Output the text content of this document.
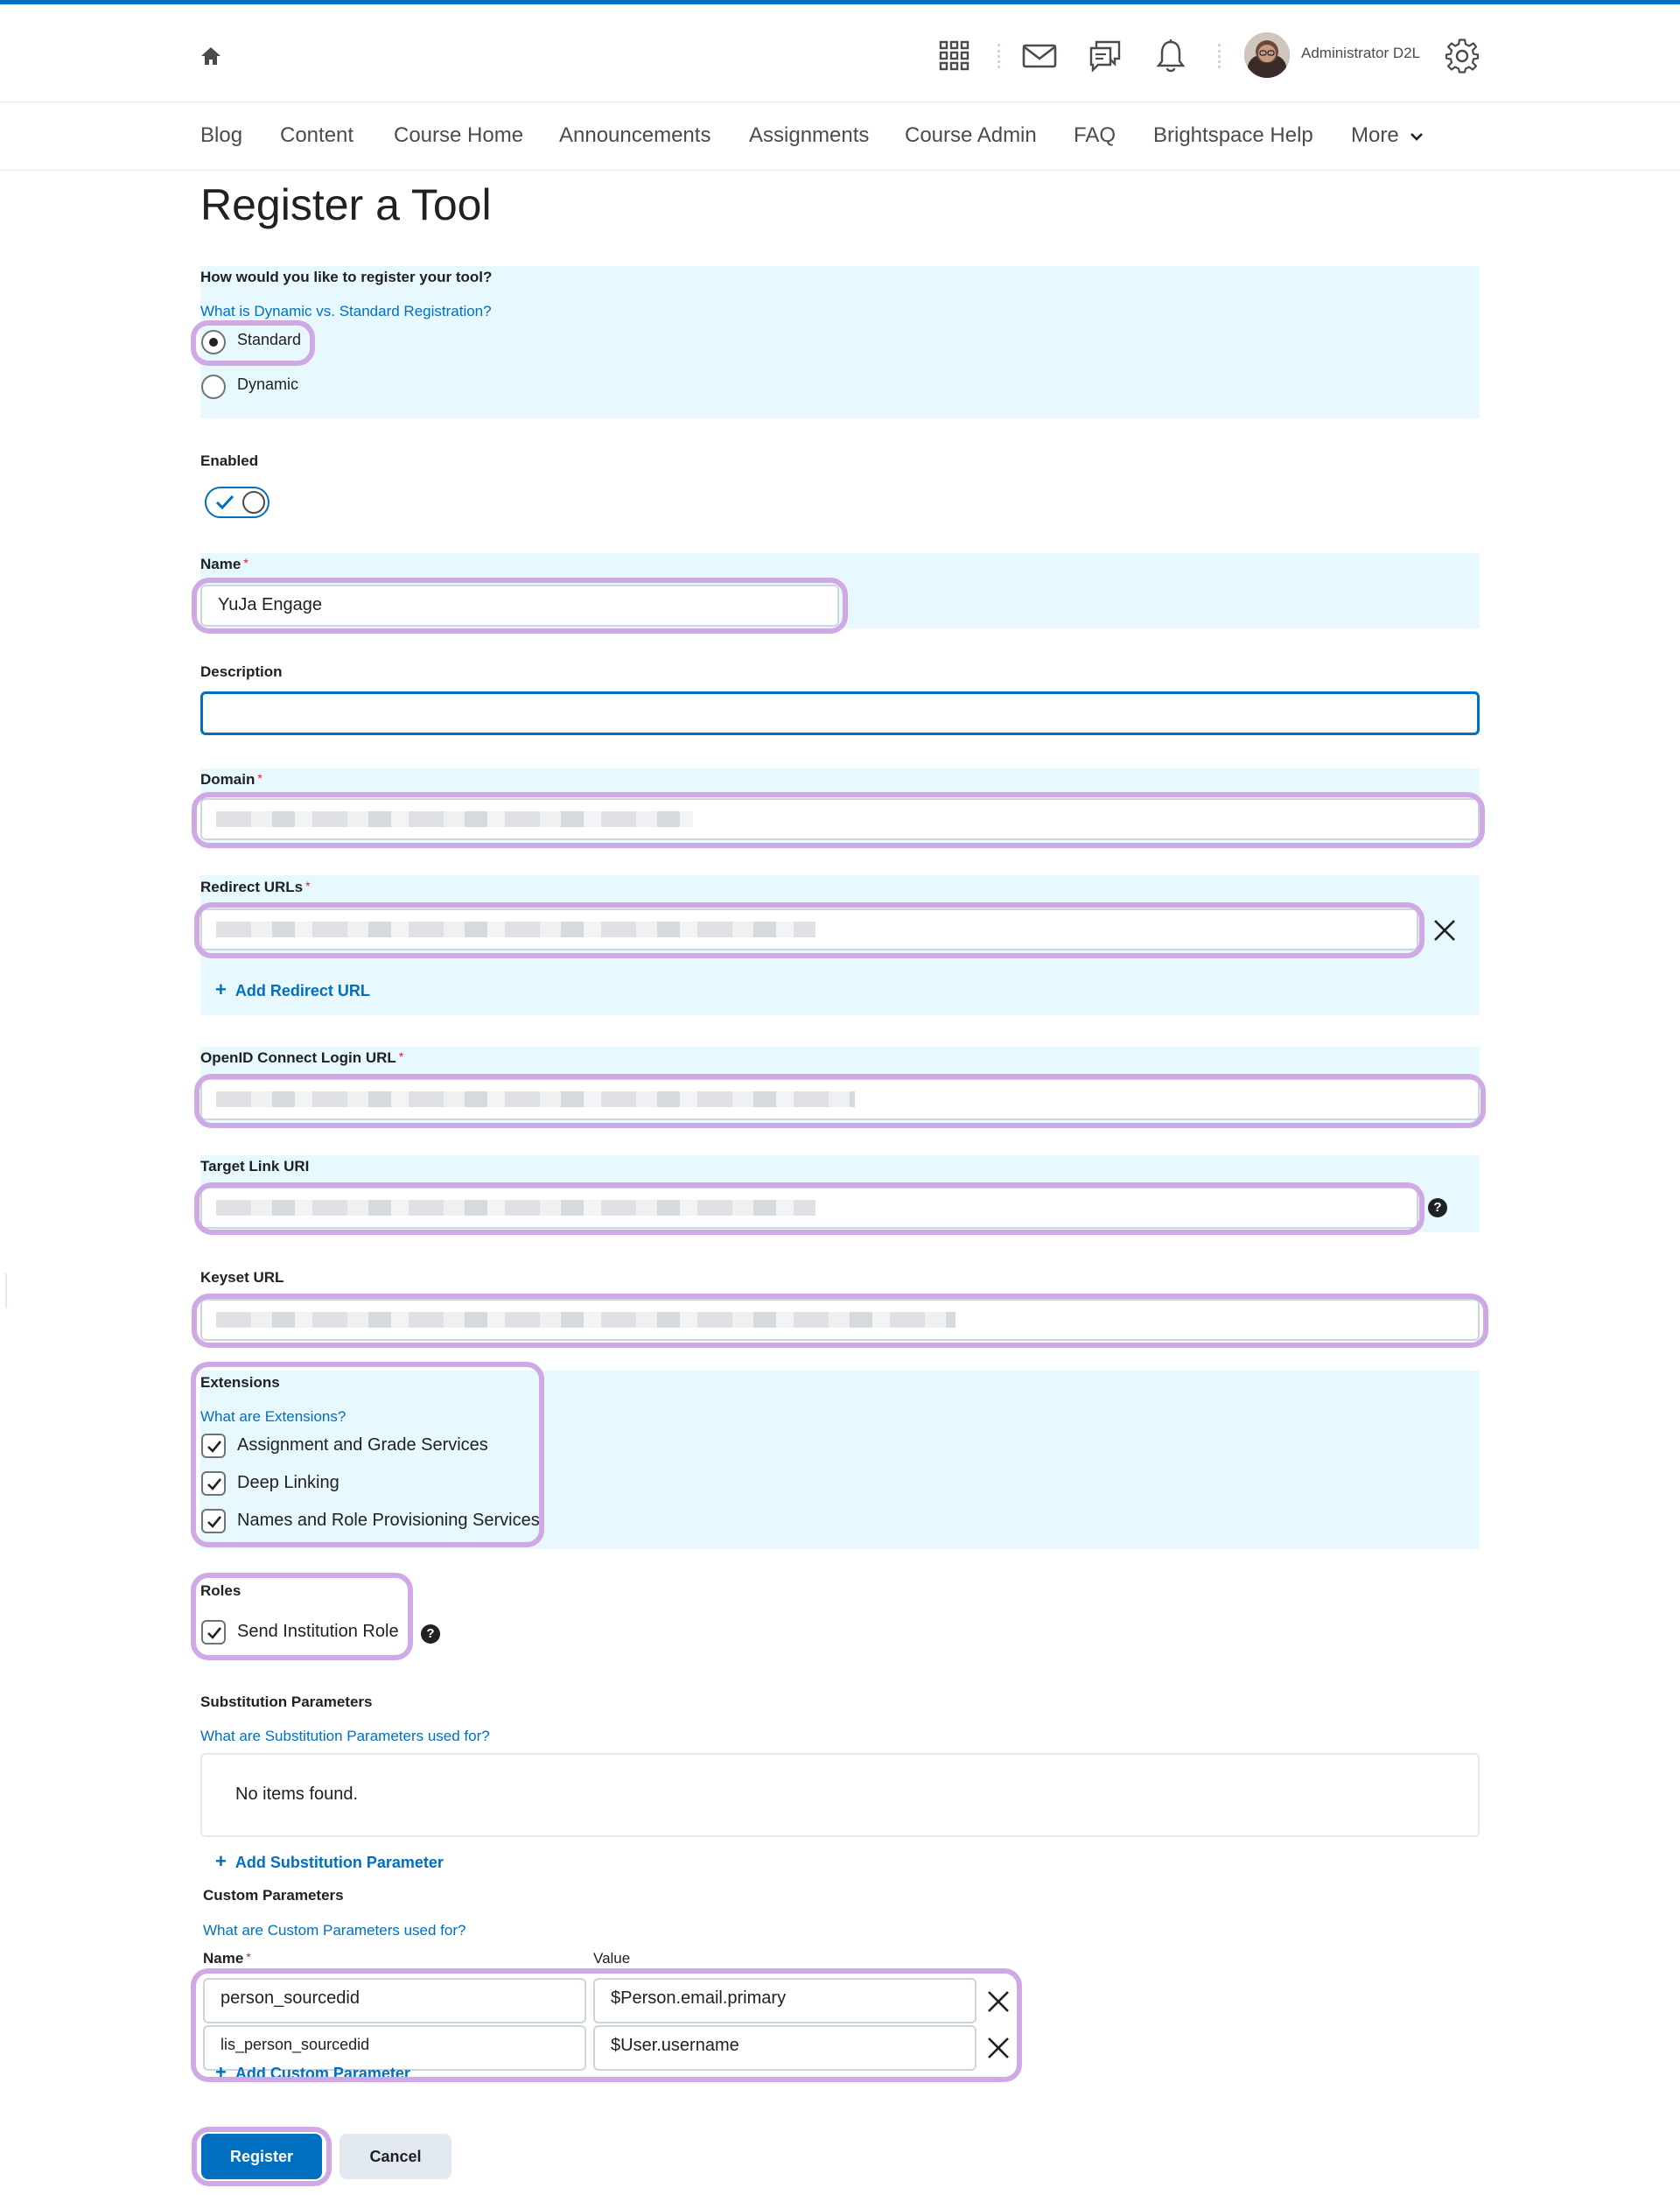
Administrator D2L
Blog Content Course Home Announcements Assignments Course Admin FAQ Brightspace Help More
Register a Tool
How would you like to register your tool?
What is Dynamic vs. Standard Registration?
Standard
Dynamic
Enabled
Name *
YuJa Engage
Description
Domain *
Redirect URLs *
+ Add Redirect URL
OpenID Connect Login URL *
Target Link URI
?
Keyset URL
Extensions
What are Extensions?
Assignment and Grade Services
Deep Linking
Names and Role Provisioning Services
Roles
Send Institution Role	?
Substitution Parameters
What are Substitution Parameters used for?
No items found.
+ Add Substitution Parameter
Custom Parameters
What are Custom Parameters used for?
Name *	Value
person_sourcedid	$Person.email.primary
lis_person_sourcedid	$User.username
+ Add Custom Parameter
Register	Cancel
